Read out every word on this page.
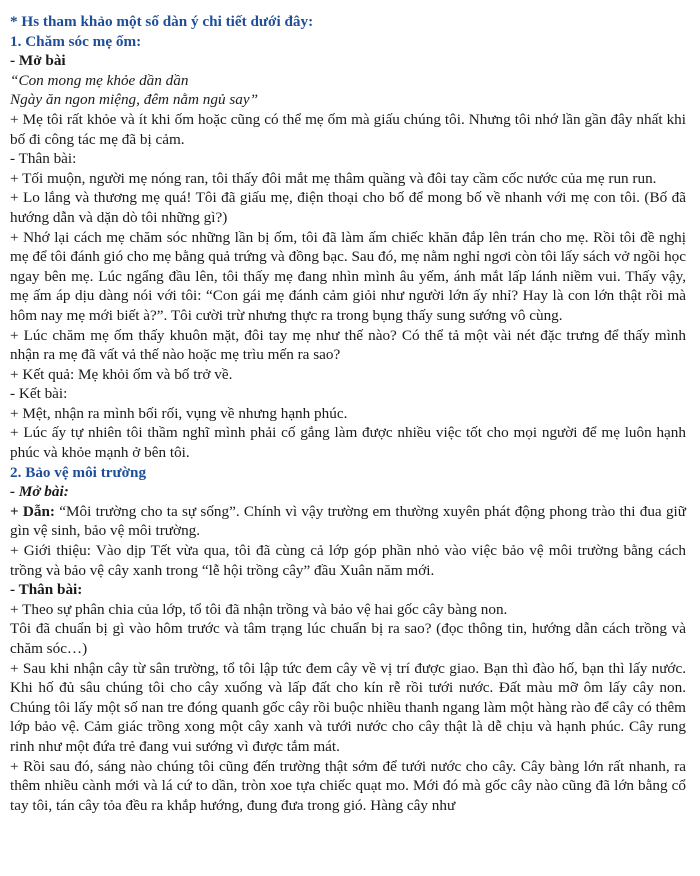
* Hs tham khảo một số dàn ý chi tiết dưới đây:

1. Chăm sóc mẹ ốm:

- Mở bài

“Con mong mẹ khỏe dần dần

Ngày ăn ngon miệng, đêm nằm ngủ say”

+ Mẹ tôi rất khỏe và ít khi ốm hoặc cũng có thể mẹ ốm mà giấu chúng tôi. Nhưng tôi nhớ lần gần đây nhất khi bố đi công tác mẹ đã bị cảm.

- Thân bài:

+ Tối muộn, người mẹ nóng ran, tôi thấy đôi mắt mẹ thâm quầng và đôi tay cầm cốc nước của mẹ run run.

+ Lo lắng và thương mẹ quá! Tôi đã giấu mẹ, điện thoại cho bố để mong bố về nhanh với mẹ con tôi. (Bố đã hướng dẫn và dặn dò tôi những gì?)

+ Nhớ lại cách mẹ chăm sóc những lần bị ốm, tôi đã làm ấm chiếc khăn đắp lên trán cho mẹ. Rồi tôi đề nghị mẹ để tôi đánh gió cho mẹ bằng quả trứng và đồng bạc. Sau đó, mẹ nằm nghỉ ngơi còn tôi lấy sách vở ngồi học ngay bên mẹ. Lúc ngẩng đầu lên, tôi thấy mẹ đang nhìn mình âu yếm, ánh mắt lấp lánh niềm vui. Thấy vậy, mẹ ấm áp dịu dàng nói với tôi: “Con gái mẹ đánh cảm giỏi như người lớn ấy nhỉ? Hay là con lớn thật rồi mà hôm nay mẹ mới biết à?”. Tôi cười trừ nhưng thực ra trong bụng thấy sung sướng vô cùng.

+ Lúc chăm mẹ ốm thấy khuôn mặt, đôi tay mẹ như thế nào? Có thể tả một vài nét đặc trưng để thấy mình nhận ra mẹ đã vất vả thế nào hoặc mẹ trìu mến ra sao?

+ Kết quả: Mẹ khỏi ốm và bố trở về.

- Kết bài:

+ Mệt, nhận ra mình bối rối, vụng về nhưng hạnh phúc.

+ Lúc ấy tự nhiên tôi thầm nghĩ mình phải cố gắng làm được nhiều việc tốt cho mọi người để mẹ luôn hạnh phúc và khỏe mạnh ở bên tôi.

2. Bảo vệ môi trường

- Mở bài:

+ Dẫn: “Môi trường cho ta sự sống”. Chính vì vậy trường em thường xuyên phát động phong trào thi đua giữ gìn vệ sinh, bảo vệ môi trường.

+ Giới thiệu: Vào dịp Tết vừa qua, tôi đã cùng cả lớp góp phần nhỏ vào việc bảo vệ môi trường bằng cách trồng và bảo vệ cây xanh trong “lễ hội trồng cây” đầu Xuân năm mới.

- Thân bài:

+ Theo sự phân chia của lớp, tổ tôi đã nhận trồng và bảo vệ hai gốc cây bàng non.

Tôi đã chuẩn bị gì vào hôm trước và tâm trạng lúc chuẩn bị ra sao? (đọc thông tin, hướng dẫn cách trồng và chăm sóc…)

+ Sau khi nhận cây từ sân trường, tổ tôi lập tức đem cây về vị trí được giao. Bạn thì đào hố, bạn thì lấy nước. Khi hố đủ sâu chúng tôi cho cây xuống và lấp đất cho kín rễ rồi tưới nước. Đất màu mỡ ôm lấy cây non. Chúng tôi lấy một số nan tre đóng quanh gốc cây rồi buộc nhiều thanh ngang làm một hàng rào để cây có thêm lớp bảo vệ. Cảm giác trồng xong một cây xanh và tưới nước cho cây thật là dễ chịu và hạnh phúc. Cây rung rinh như một đứa trẻ đang vui sướng vì được tắm mát.

+ Rồi sau đó, sáng nào chúng tôi cũng đến trường thật sớm để tưới nước cho cây. Cây bàng lớn rất nhanh, ra thêm nhiều cành mới và lá cứ to dần, tròn xoe tựa chiếc quạt mo. Mới đó mà gốc cây nào cũng đã lớn bằng cổ tay tôi, tán cây tỏa đều ra khắp hướng, đung đưa trong gió. Hàng cây như
